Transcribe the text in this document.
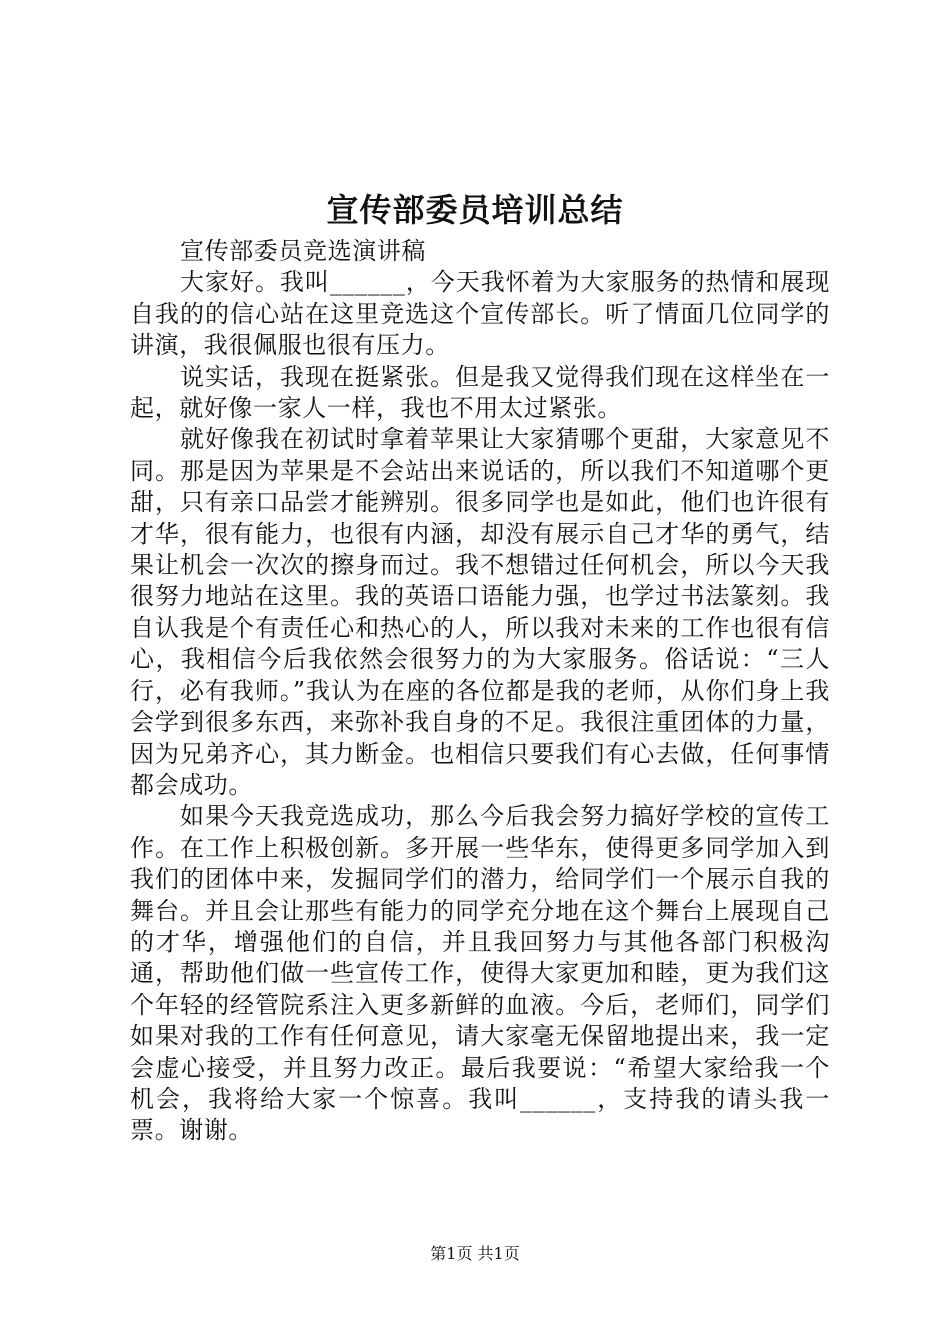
宣传部委员培训总结

宣传部委员竞选演讲稿

大家好。我叫______，今天我怀着为大家服务的热情和展现自我的的信心站在这里竞选这个宣传部长。听了情面几位同学的讲演，我很佩服也很有压力。

说实话，我现在挺紧张。但是我又觉得我们现在这样坐在一起，就好像一家人一样，我也不用太过紧张。

就好像我在初试时拿着苹果让大家猜哪个更甜，大家意见不同。那是因为苹果是不会站出来说话的，所以我们不知道哪个更甜，只有亲口品尝才能辨别。很多同学也是如此，他们也许很有才华，很有能力，也很有内涵，却没有展示自己才华的勇气，结果让机会一次次的擦身而过。我不想错过任何机会，所以今天我很努力地站在这里。我的英语口语能力强，也学过书法篆刻。我自认我是个有责任心和热心的人，所以我对未来的工作也很有信心，我相信今后我依然会很努力的为大家服务。俗话说：“三人行，必有我师。”我认为在座的各位都是我的老师，从你们身上我会学到很多东西，来弥补我自身的不足。我很注重团体的力量，因为兄弟齐心，其力断金。也相信只要我们有心去做，任何事情都会成功。

如果今天我竞选成功，那么今后我会努力搞好学校的宣传工作。在工作上积极创新。多开展一些华东，使得更多同学加入到我们的团体中来，发掘同学们的潜力，给同学们一个展示自我的舞台。并且会让那些有能力的同学充分地在这个舞台上展现自己的才华，增强他们的自信，并且我回努力与其他各部门积极沟通，帮助他们做一些宣传工作，使得大家更加和睦，更为我们这个年轻的经管院系注入更多新鲜的血液。今后，老师们，同学们如果对我的工作有任何意见，请大家毫无保留地提出来，我一定会虚心接受，并且努力改正。最后我要说：“希望大家给我一个机会，我将给大家一个惊喜。我叫______，支持我的请头我一票。谢谢。

第1页 共1页
